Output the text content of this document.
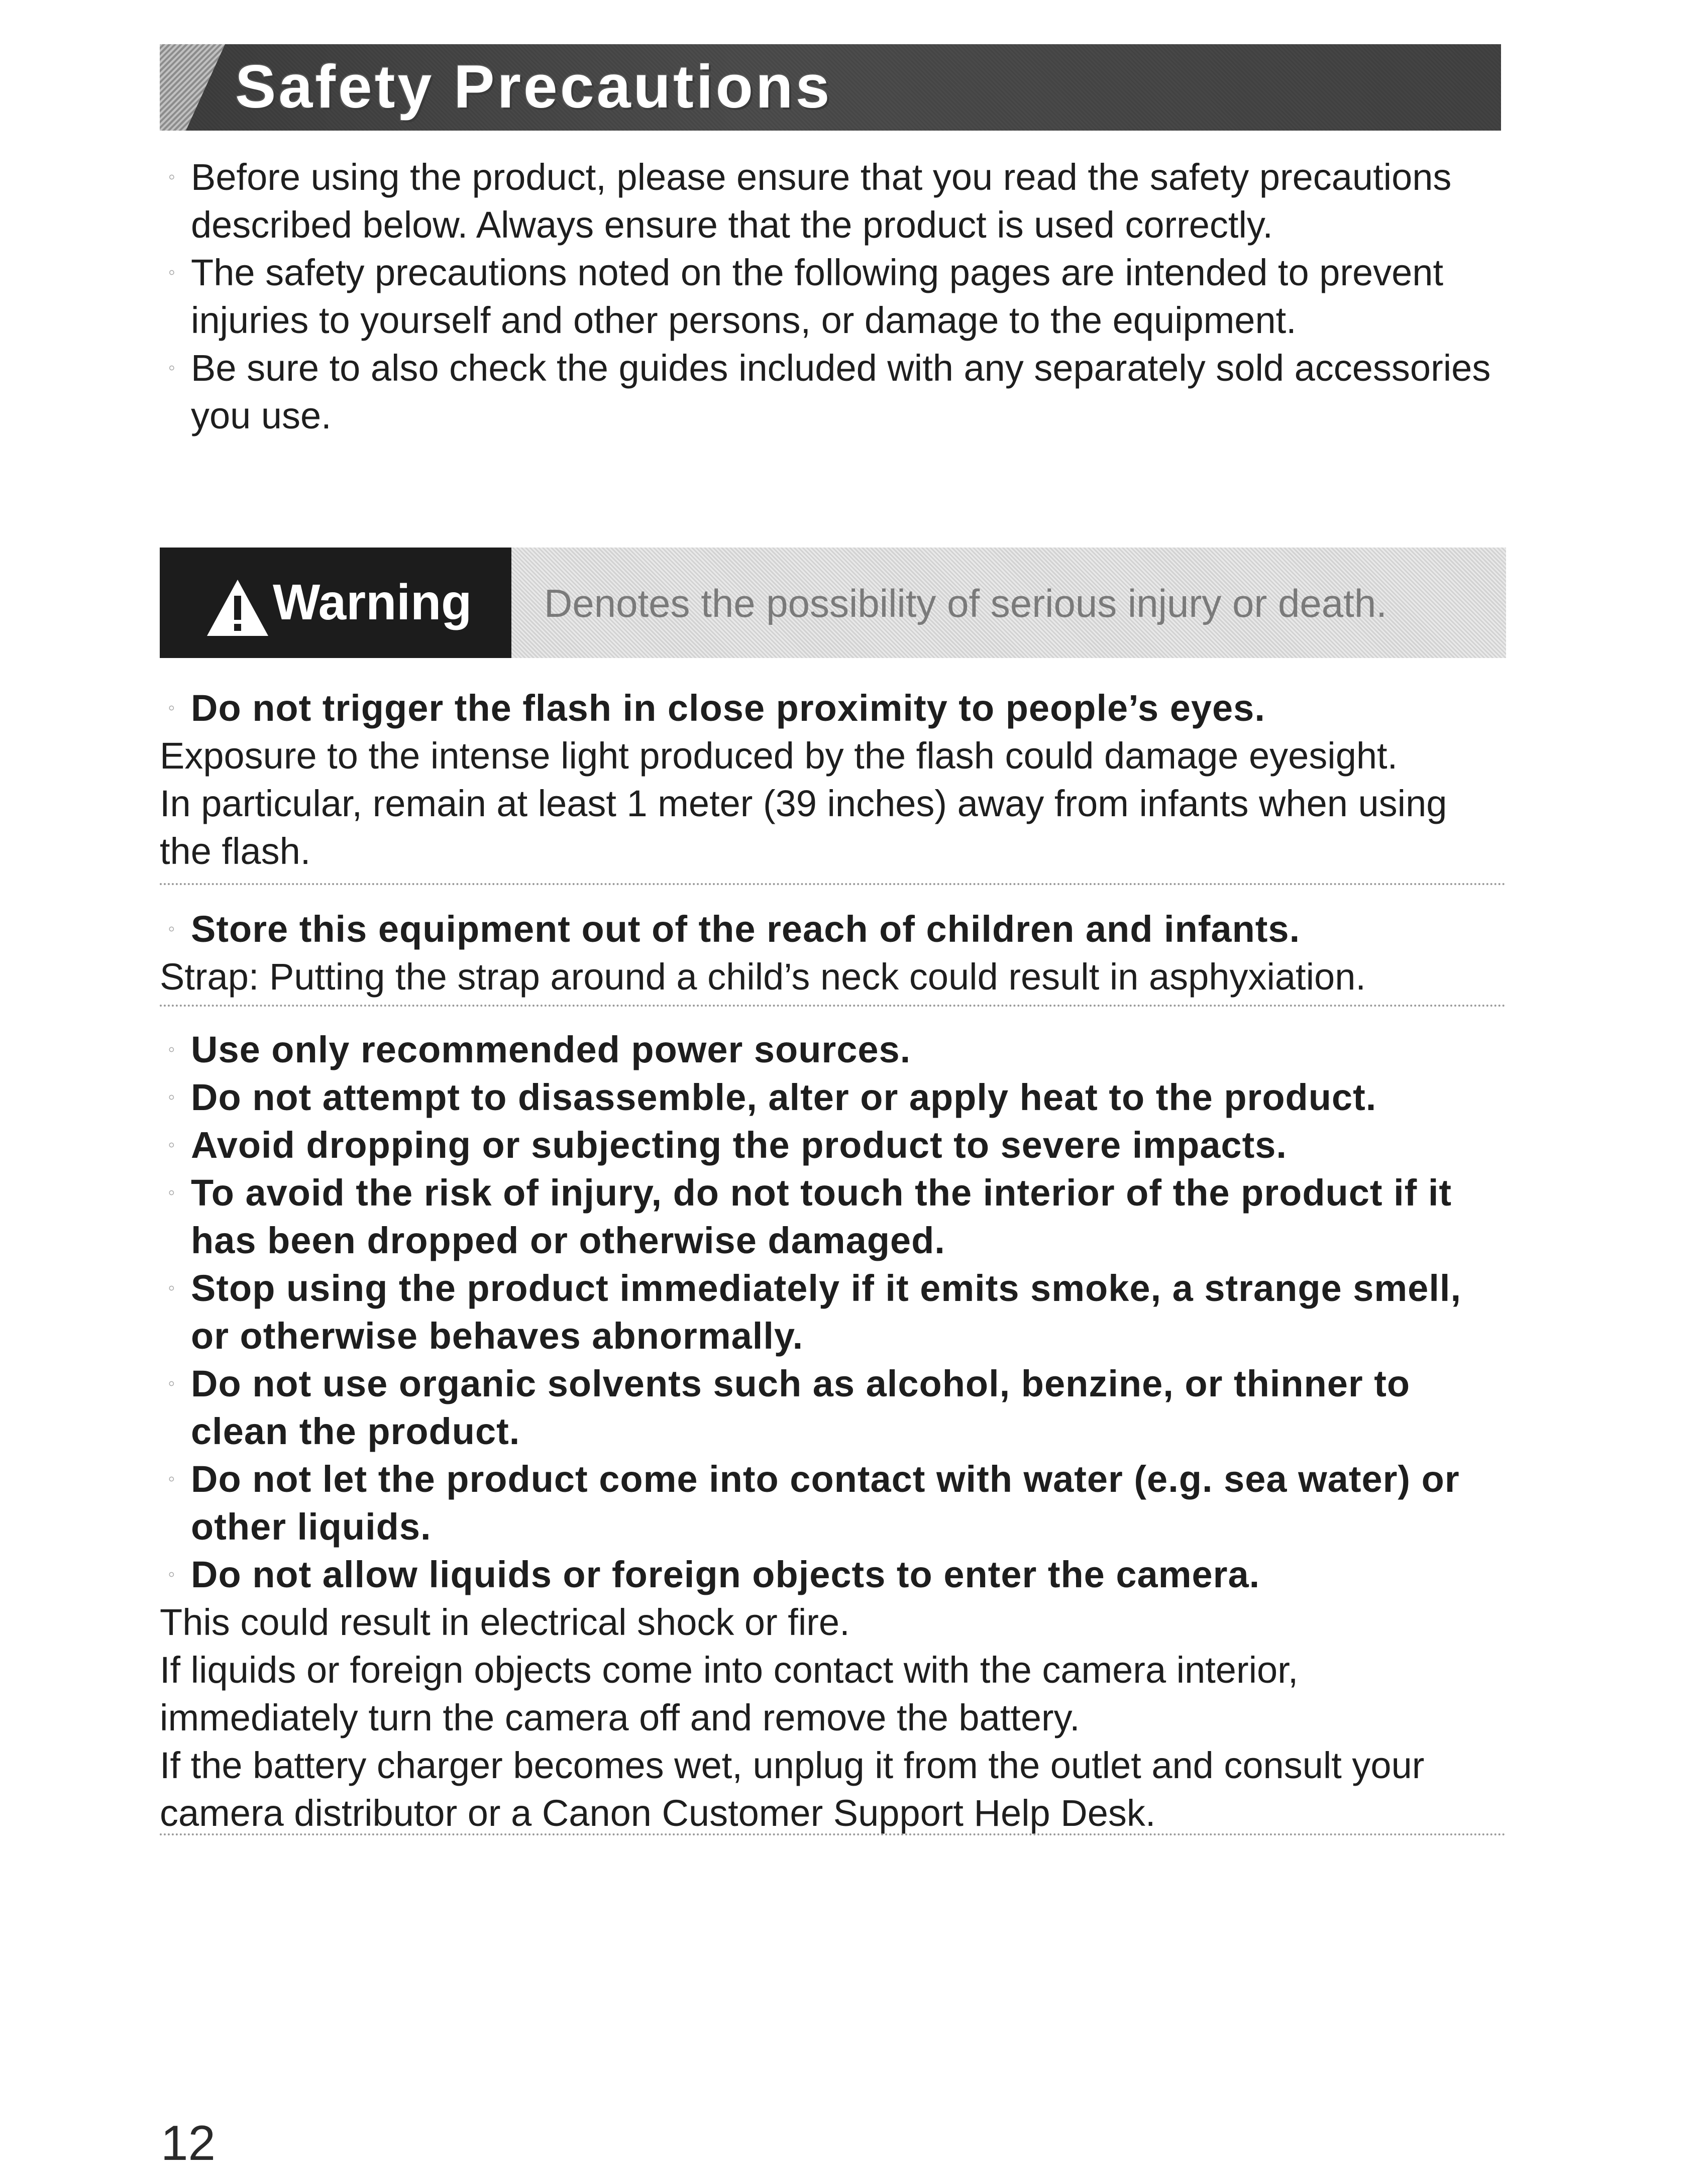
Safety Precautions
◦ Before using the product, please ensure that you read the safety precautions described below. Always ensure that the product is used correctly.
◦ The safety precautions noted on the following pages are intended to prevent injuries to yourself and other persons, or damage to the equipment.
◦ Be sure to also check the guides included with any separately sold accessories you use.
Warning Denotes the possibility of serious injury or death.
◦ Do not trigger the flash in close proximity to people’s eyes.
Exposure to the intense light produced by the flash could damage eyesight.
In particular, remain at least 1 meter (39 inches) away from infants when using the flash.
◦ Store this equipment out of the reach of children and infants.
Strap: Putting the strap around a child’s neck could result in asphyxiation.
◦ Use only recommended power sources.
◦ Do not attempt to disassemble, alter or apply heat to the product.
◦ Avoid dropping or subjecting the product to severe impacts.
◦ To avoid the risk of injury, do not touch the interior of the product if it has been dropped or otherwise damaged.
◦ Stop using the product immediately if it emits smoke, a strange smell, or otherwise behaves abnormally.
◦ Do not use organic solvents such as alcohol, benzine, or thinner to clean the product.
◦ Do not let the product come into contact with water (e.g. sea water) or other liquids.
◦ Do not allow liquids or foreign objects to enter the camera.
This could result in electrical shock or fire.
If liquids or foreign objects come into contact with the camera interior, immediately turn the camera off and remove the battery.
If the battery charger becomes wet, unplug it from the outlet and consult your camera distributor or a Canon Customer Support Help Desk.
12
